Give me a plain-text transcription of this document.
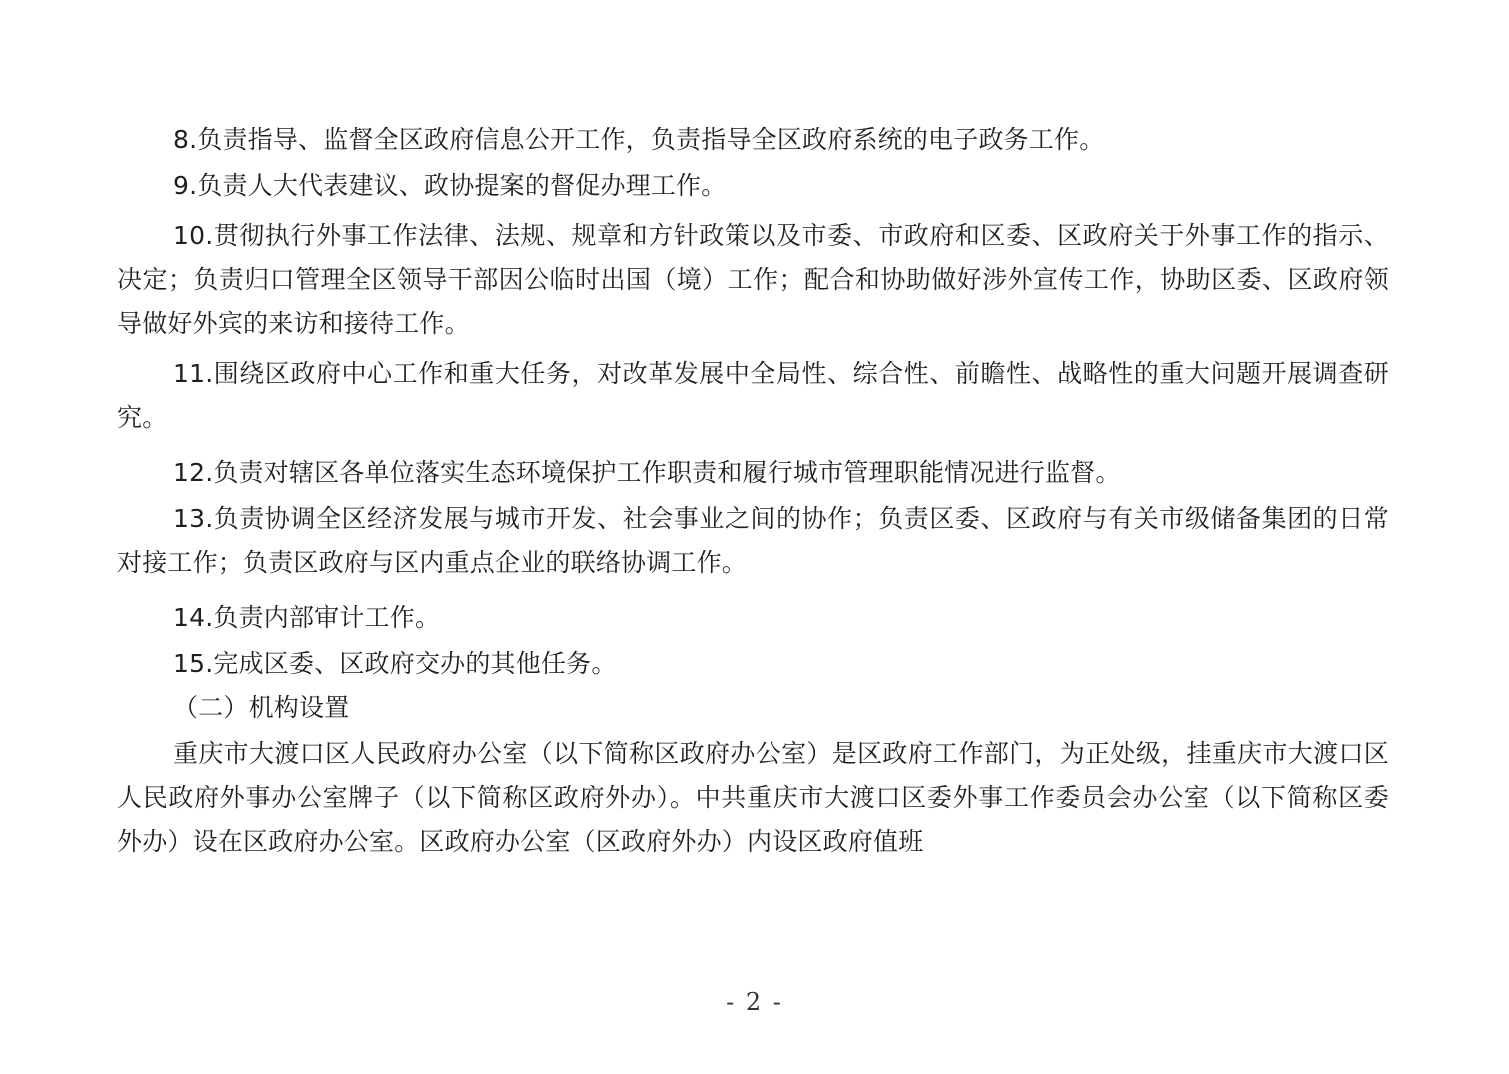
8.负责指导、监督全区政府信息公开工作，负责指导全区政府系统的电子政务工作。

9.负责人大代表建议、政协提案的督促办理工作。

10.贯彻执行外事工作法律、法规、规章和方针政策以及市委、市政府和区委、区政府关于外事工作的指示、决定；负责归口管理全区领导干部因公临时出国（境）工作；配合和协助做好涉外宣传工作，协助区委、区政府领导做好外宾的来访和接待工作。

11.围绕区政府中心工作和重大任务，对改革发展中全局性、综合性、前瞻性、战略性的重大问题开展调查研究。

12.负责对辖区各单位落实生态环境保护工作职责和履行城市管理职能情况进行监督。

13.负责协调全区经济发展与城市开发、社会事业之间的协作；负责区委、区政府与有关市级储备集团的日常对接工作；负责区政府与区内重点企业的联络协调工作。

14.负责内部审计工作。

15.完成区委、区政府交办的其他任务。

（二）机构设置

重庆市大渡口区人民政府办公室（以下简称区政府办公室）是区政府工作部门，为正处级，挂重庆市大渡口区人民政府外事办公室牌子（以下简称区政府外办）。中共重庆市大渡口区委外事工作委员会办公室（以下简称区委外办）设在区政府办公室。区政府办公室（区政府外办）内设区政府值班

- 2 -
